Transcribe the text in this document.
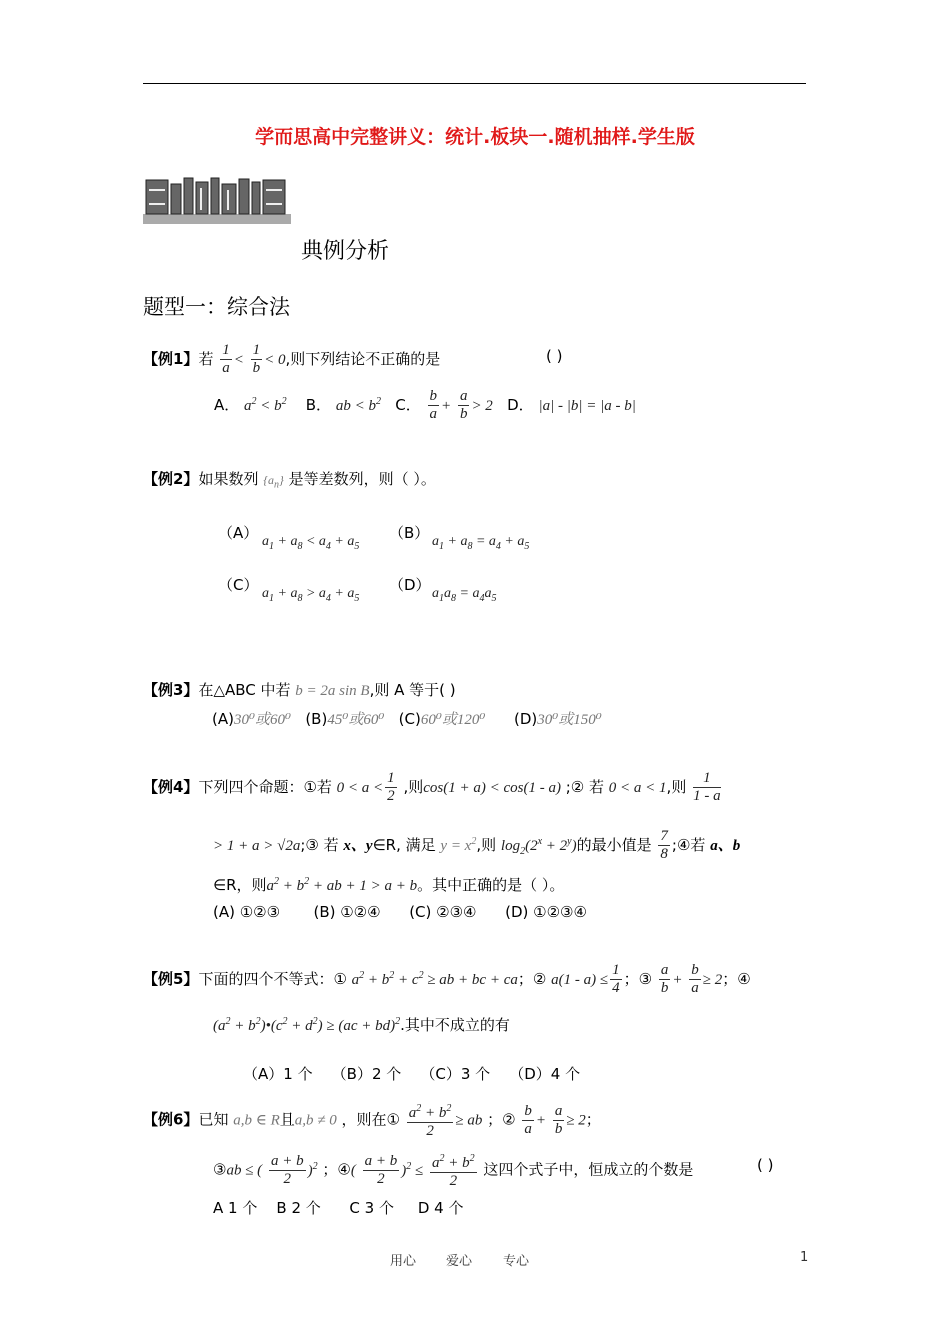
学而思高中完整讲义：统计.板块一.随机抽样.学生版
典例分析
题型一：综合法
【例1】若 $\frac{1}{a} < \frac{1}{b} < 0$,则下列结论不正确的是	( )
A． $a^2 < b^2$ B． ab < $b^2$ C． $\frac{b}{a} + \frac{a}{b} > 2$ D． |a| - |b| = |a - b|
【例2】如果数列 $\{a_n\}$ 是等差数列，则（ ）。
（A） $a_1 + a_8 < a_4 + a_5$
（B） $a_1 + a_8 = a_4 + a_5$
（C） $a_1 + a_8 > a_4 + a_5$
（D） $a_1a_8 = a_4a_5$
【例3】在△ABC 中若 b = 2a sin B,则 A 等于( )
(A)30⁰或60⁰ (B)45⁰或60⁰ (C)60⁰或120⁰ (D)30⁰或150⁰
【例4】下列四个命题：①若 $0 < a < \frac{1}{2}$ ,则cos(1 + a) < cos(1 - a) ;② 若 0 < a < 1,则 $\frac{1}{1 - a}$
> 1 + a > √2a;③ 若 x、y∈R, 满足 $y = x^2$,则 $\log_2(2^x + 2^y)$的最小值是 $\frac{7}{8}$ ;④若 a、b
∈R，则$a^2 + b^2$ + ab + 1 > a + b。其中正确的是（ ）。
(A) ①②③ (B) ①②④ (C) ②③④ (D) ①②③④
【例5】下面的四个不等式：① $a^2 + b^2 + c^2$ ≥ ab + bc + ca；② $a(1 - a) \le \frac{1}{4}$ ；③ $\frac{a}{b} + \frac{b}{a} \ge 2$；④
($a^2$ + $b^2)•(c^2 + d^2) \ge (ac + bd)^2$.其中不成立的有
（A）1 个 （B）2 个 （C）3 个 （D）4 个
【例6】已知 a,b ∈ R且a,b ≠ 0 ，则在① $\frac{a^2 + b^2}{2}$ ≥ ab ；② $\frac{b}{a} + \frac{a}{b} \ge 2$；
③ab ≤ ( $\frac{a + b}{2} )^2$ ；④( $\frac{a + b}{2} )^2 \le \frac{a^2 + b^2}{2}$ 这四个式子中，恒成立的个数是	( )
A 1 个 B 2 个 C 3 个 D 4 个
用心 爱心 专心	1
